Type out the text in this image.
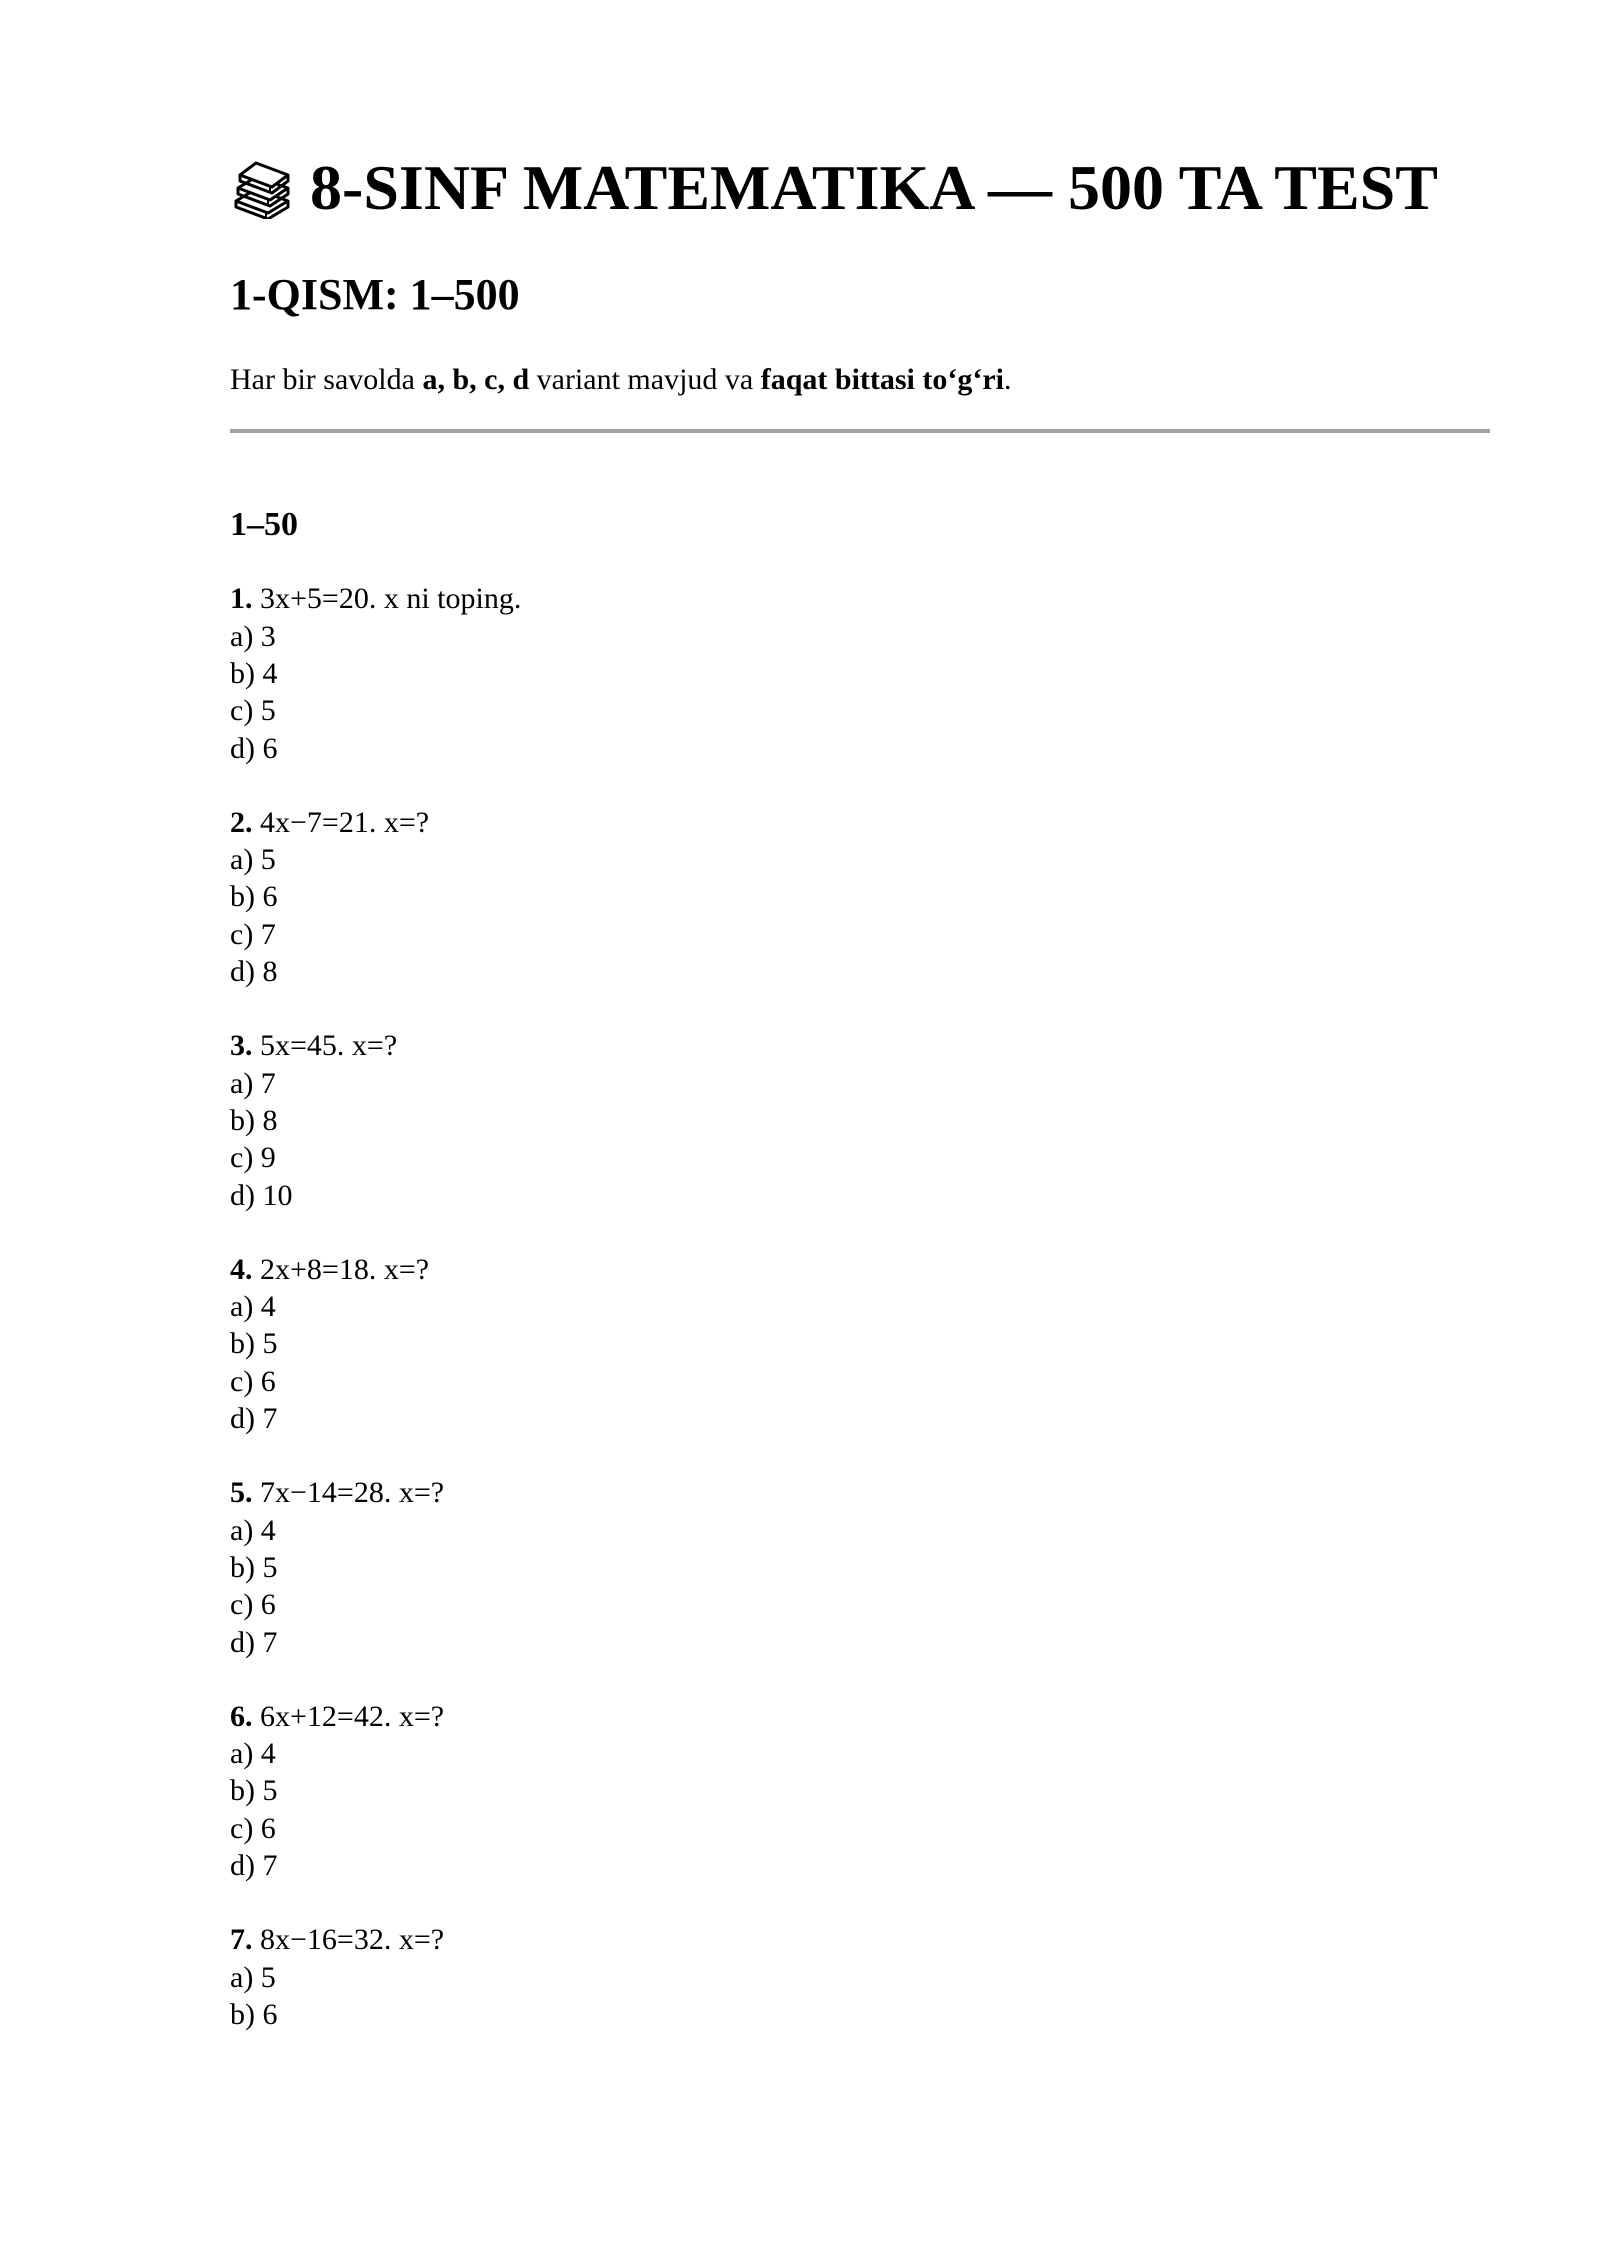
8-SINF MATEMATIKA — 500 TA TEST
1-QISM: 1–500

Har bir savolda a, b, c, d variant mavjud va faqat bittasi to‘g‘ri.

1–50
1. 3x+5=20. x ni toping.
a) 3
b) 4
c) 5
d) 6
2. 4x−7=21. x=?
a) 5
b) 6
c) 7
d) 8
3. 5x=45. x=?
a) 7
b) 8
c) 9
d) 10
4. 2x+8=18. x=?
a) 4
b) 5
c) 6
d) 7
5. 7x−14=28. x=?
a) 4
b) 5
c) 6
d) 7
6. 6x+12=42. x=?
a) 4
b) 5
c) 6
d) 7
7. 8x−16=32. x=?
a) 5
b) 6
